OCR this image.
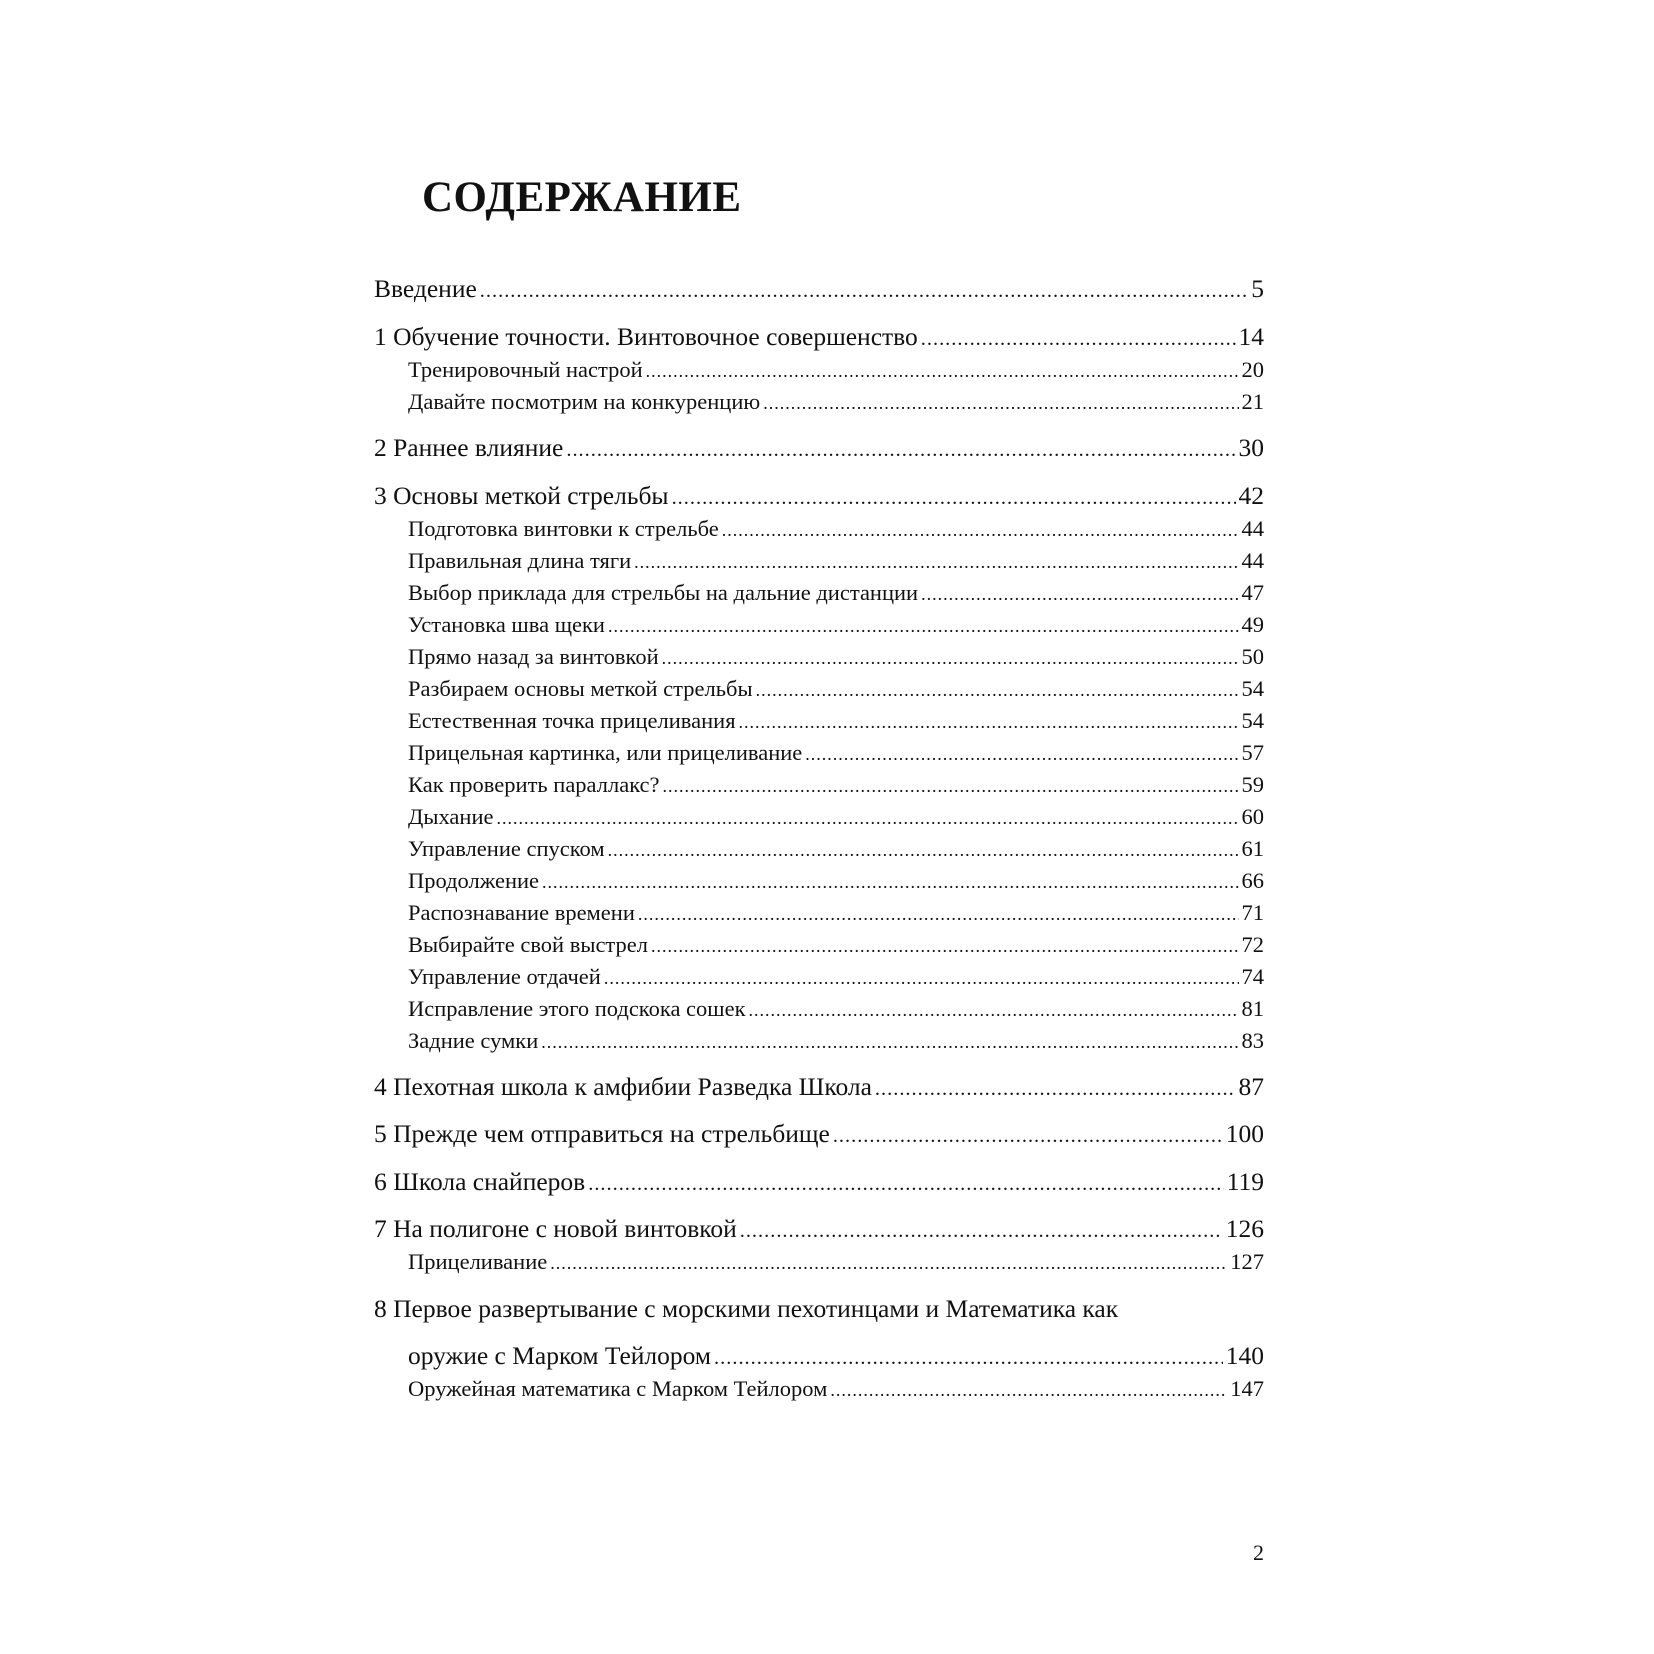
СОДЕРЖАНИЕ
Введение .....	5
1 Обучение точности. Винтовочное совершенство .....	14
Тренировочный настрой .....	20
Давайте посмотрим на конкуренцию .....	21
2 Раннее влияние .....	30
3 Основы меткой стрельбы .....	42
Подготовка винтовки к стрельбе .....	44
Правильная длина тяги .....	44
Выбор приклада для стрельбы на дальние дистанции .....	47
Установка шва щеки .....	49
Прямо назад за винтовкой .....	50
Разбираем основы меткой стрельбы .....	54
Естественная точка прицеливания .....	54
Прицельная картинка, или прицеливание .....	57
Как проверить параллакс? .....	59
Дыхание .....	60
Управление спуском .....	61
Продолжение .....	66
Распознавание времени .....	71
Выбирайте свой выстрел .....	72
Управление отдачей .....	74
Исправление этого подскока сошек .....	81
Задние сумки .....	83
4 Пехотная школа к амфибии Разведка Школа .....	87
5 Прежде чем отправиться на стрельбище .....	100
6 Школа снайперов .....	119
7 На полигоне с новой винтовкой .....	126
Прицеливание .....	127
8 Первое развертывание с морскими пехотинцами и Математика как
оружие с Марком Тейлором .....	140
Оружейная математика с Марком Тейлором .....	147
2
